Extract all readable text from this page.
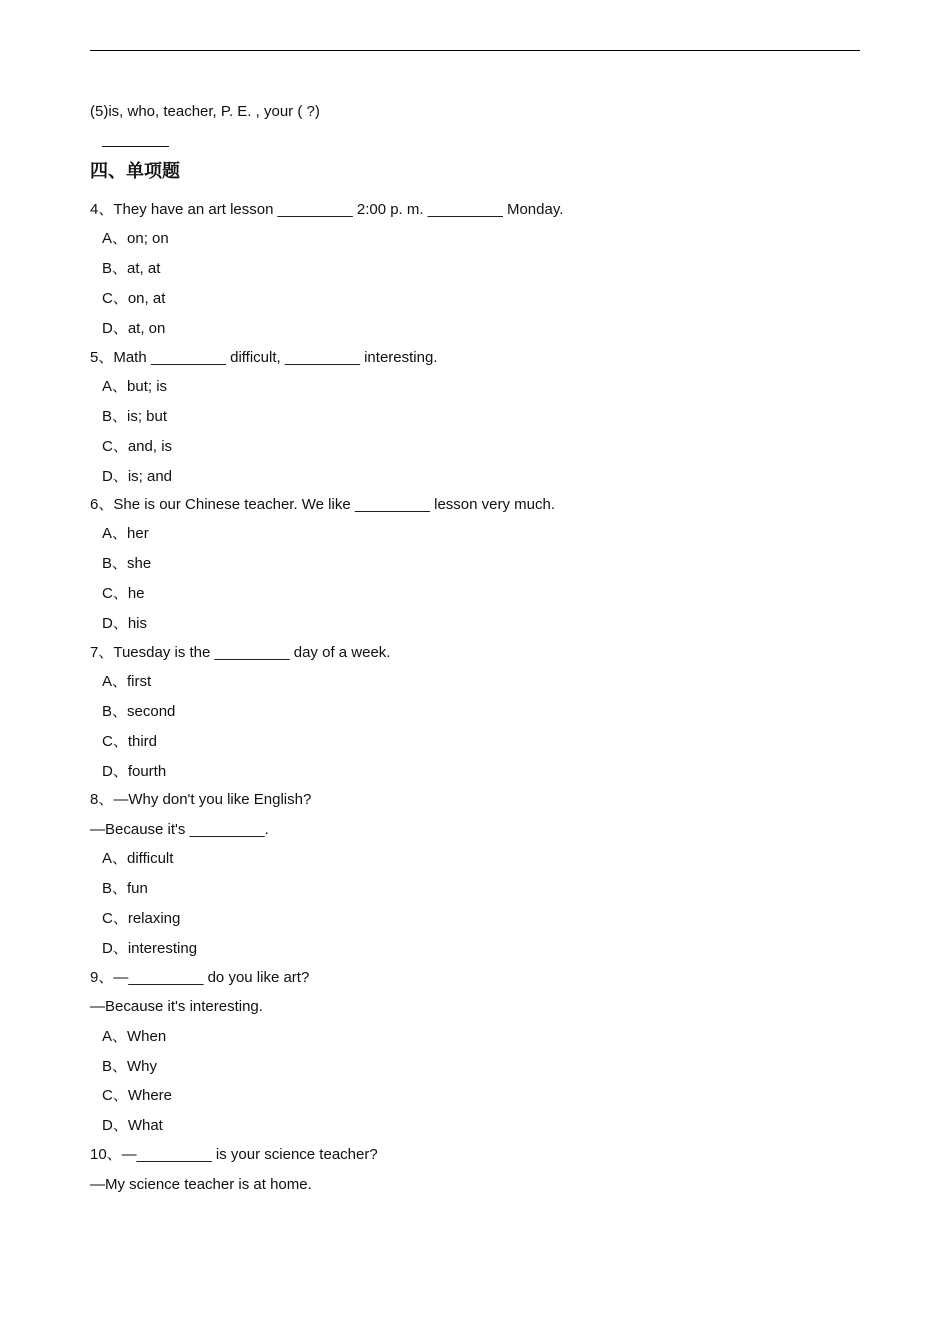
(5)is, who, teacher, P. E. , your ( ?)
四、单项题
4、They have an art lesson _________ 2:00 p. m. _________ Monday.
A、on; on
B、at, at
C、on, at
D、at, on
5、Math _________ difficult, _________ interesting.
A、but; is
B、is; but
C、and, is
D、is; and
6、She is our Chinese teacher. We like _________ lesson very much.
A、her
B、she
C、he
D、his
7、Tuesday is the _________ day of a week.
A、first
B、second
C、third
D、fourth
8、—Why don't you like English?
—Because it's _________.
A、difficult
B、fun
C、relaxing
D、interesting
9、—_________ do you like art?
—Because it's interesting.
A、When
B、Why
C、Where
D、What
10、—_________ is your science teacher?
—My science teacher is at home.
